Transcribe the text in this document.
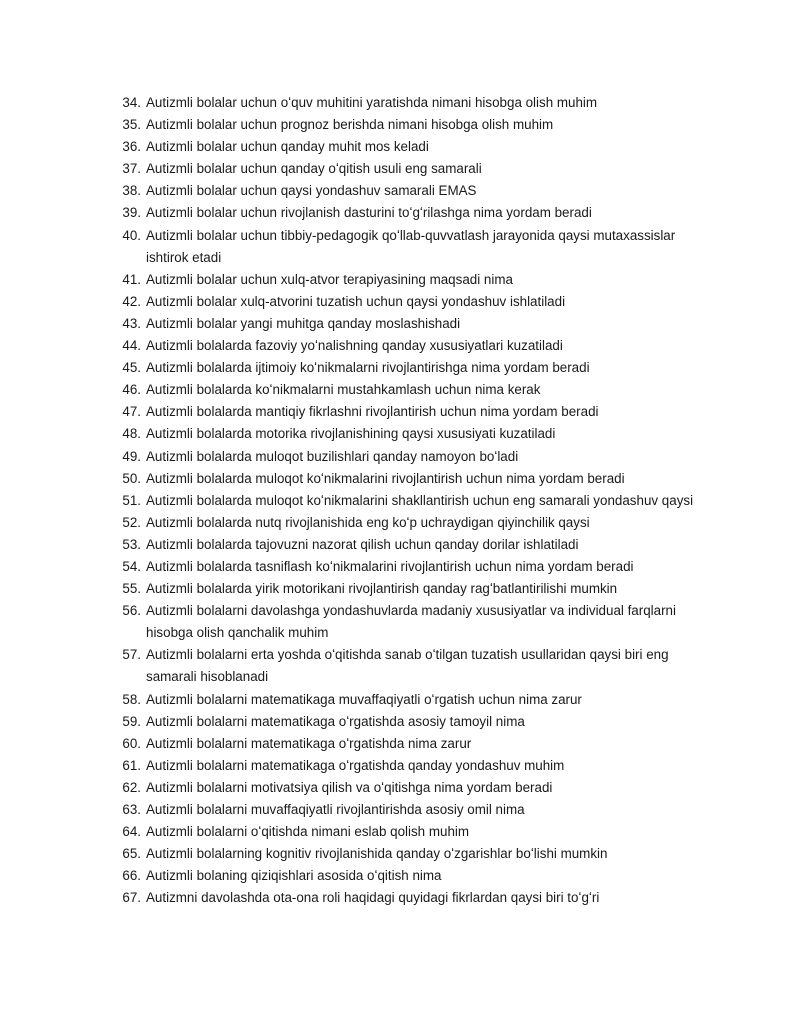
34. Autizmli bolalar uchun oʻquv muhitini yaratishda nimani hisobga olish muhim
35. Autizmli bolalar uchun prognoz berishda nimani hisobga olish muhim
36. Autizmli bolalar uchun qanday muhit mos keladi
37. Autizmli bolalar uchun qanday oʻqitish usuli eng samarali
38. Autizmli bolalar uchun qaysi yondashuv samarali EMAS
39. Autizmli bolalar uchun rivojlanish dasturini toʻgʻrilashga nima yordam beradi
40. Autizmli bolalar uchun tibbiy-pedagogik qoʻllab-quvvatlash jarayonida qaysi mutaxassislar ishtirok etadi
41. Autizmli bolalar uchun xulq-atvor terapiyasining maqsadi nima
42. Autizmli bolalar xulq-atvorini tuzatish uchun qaysi yondashuv ishlatiladi
43. Autizmli bolalar yangi muhitga qanday moslashishadi
44. Autizmli bolalarda fazoviy yoʻnalishning qanday xususiyatlari kuzatiladi
45. Autizmli bolalarda ijtimoiy koʻnikmalarni rivojlantirishga nima yordam beradi
46. Autizmli bolalarda koʻnikmalarni mustahkamlash uchun nima kerak
47. Autizmli bolalarda mantiqiy fikrlashni rivojlantirish uchun nima yordam beradi
48. Autizmli bolalarda motorika rivojlanishining qaysi xususiyati kuzatiladi
49. Autizmli bolalarda muloqot buzilishlari qanday namoyon boʻladi
50. Autizmli bolalarda muloqot koʻnikmalarini rivojlantirish uchun nima yordam beradi
51. Autizmli bolalarda muloqot koʻnikmalarini shakllantirish uchun eng samarali yondashuv qaysi
52. Autizmli bolalarda nutq rivojlanishida eng koʻp uchraydigan qiyinchilik qaysi
53. Autizmli bolalarda tajovuzni nazorat qilish uchun qanday dorilar ishlatiladi
54. Autizmli bolalarda tasniflash koʻnikmalarini rivojlantirish uchun nima yordam beradi
55. Autizmli bolalarda yirik motorikani rivojlantirish qanday ragʻbatlantirilishi mumkin
56. Autizmli bolalarni davolashga yondashuvlarda madaniy xususiyatlar va individual farqlarni hisobga olish qanchalik muhim
57. Autizmli bolalarni erta yoshda oʻqitishda sanab oʻtilgan tuzatish usullaridan qaysi biri eng samarali hisoblanadi
58. Autizmli bolalarni matematikaga muvaffaqiyatli oʻrgatish uchun nima zarur
59. Autizmli bolalarni matematikaga oʻrgatishda asosiy tamoyil nima
60. Autizmli bolalarni matematikaga oʻrgatishda nima zarur
61. Autizmli bolalarni matematikaga oʻrgatishda qanday yondashuv muhim
62. Autizmli bolalarni motivatsiya qilish va oʻqitishga nima yordam beradi
63. Autizmli bolalarni muvaffaqiyatli rivojlantirishda asosiy omil nima
64. Autizmli bolalarni oʻqitishda nimani eslab qolish muhim
65. Autizmli bolalarning kognitiv rivojlanishida qanday oʻzgarishlar boʻlishi mumkin
66. Autizmli bolaning qiziqishlari asosida oʻqitish nima
67. Autizmni davolashda ota-ona roli haqidagi quyidagi fikrlardan qaysi biri toʻgʻri
